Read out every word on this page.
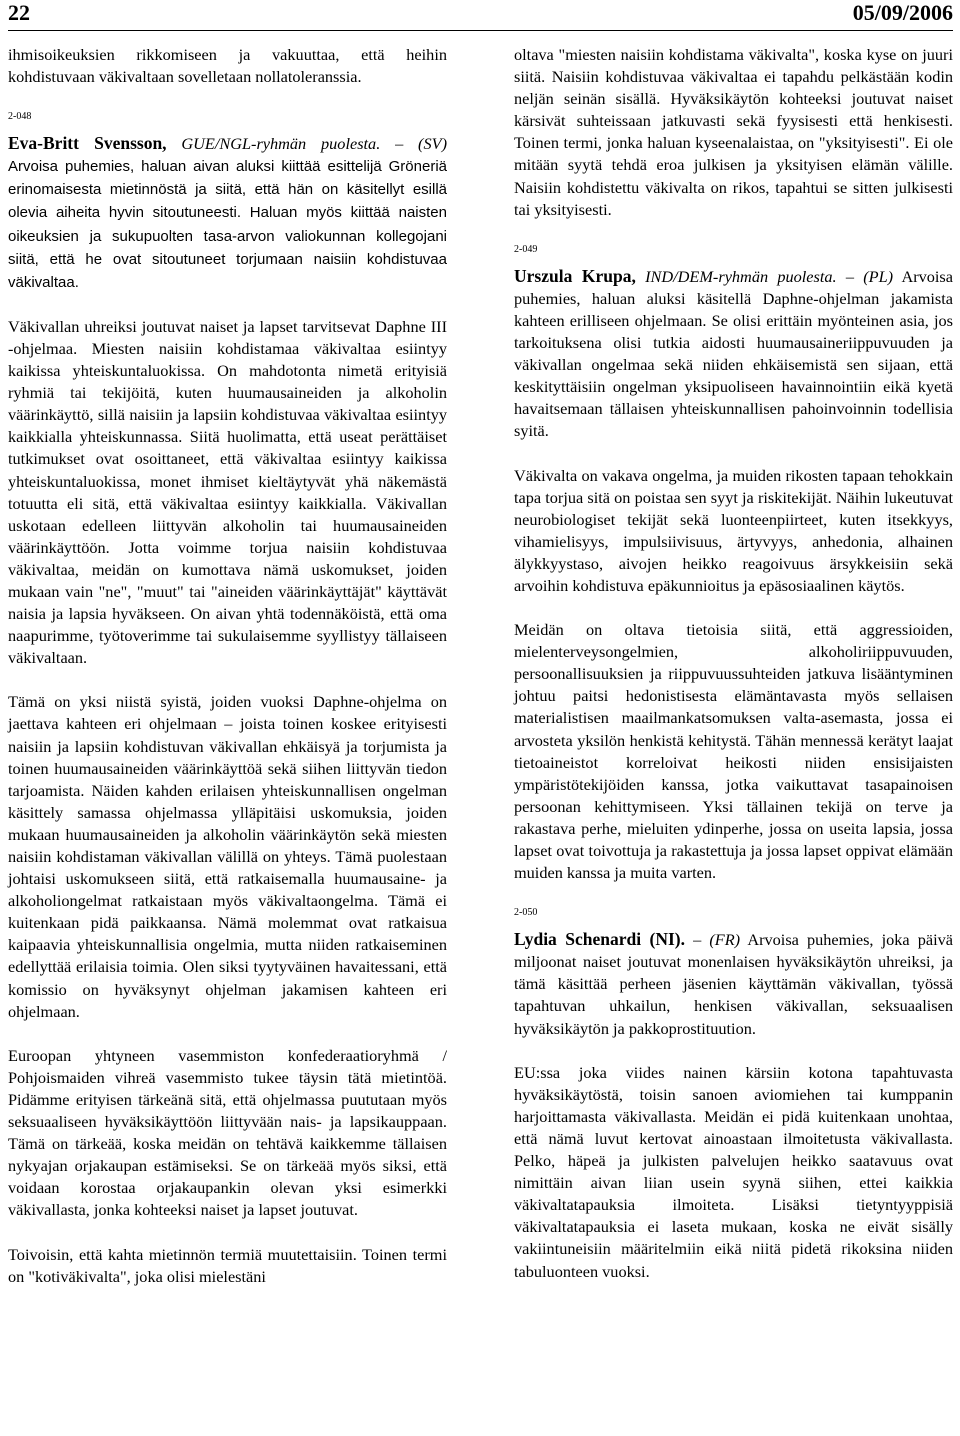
22	05/09/2006

ihmisoikeuksien rikkomiseen ja vakuuttaa, että heihin kohdistuvaan väkivaltaan sovelletaan nollatoleranssia.

2-048

Eva-Britt Svensson, GUE/NGL-ryhmän puolesta. – (SV) Arvoisa puhemies, haluan aivan aluksi kiittää esittelijä Gröneriä erinomaisesta mietinnöstä ja siitä, että hän on käsitellyt esillä olevia aiheita hyvin sitoutuneesti. Haluan myös kiittää naisten oikeuksien ja sukupuolten tasa-arvon valiokunnan kollegojani siitä, että he ovat sitoutuneet torjumaan naisiin kohdistuvaa väkivaltaa.

Väkivallan uhreiksi joutuvat naiset ja lapset tarvitsevat Daphne III -ohjelmaa. Miesten naisiin kohdistamaa väkivaltaa esiintyy kaikissa yhteiskuntaluokissa. On mahdotonta nimetä erityisiä ryhmiä tai tekijöitä, kuten huumausaineiden ja alkoholin väärinkäyttö, sillä naisiin ja lapsiin kohdistuvaa väkivaltaa esiintyy kaikkialla yhteiskunnassa. Siitä huolimatta, että useat perättäiset tutkimukset ovat osoittaneet, että väkivaltaa esiintyy kaikissa yhteiskuntaluokissa, monet ihmiset kieltäytyvät yhä näkemästä totuutta eli sitä, että väkivaltaa esiintyy kaikkialla. Väkivallan uskotaan edelleen liittyvän alkoholin tai huumausaineiden väärinkäyttöön. Jotta voimme torjua naisiin kohdistuvaa väkivaltaa, meidän on kumottava nämä uskomukset, joiden mukaan vain "ne", "muut" tai "aineiden väärinkäyttäjät" käyttävät naisia ja lapsia hyväkseen. On aivan yhtä todennäköistä, että oma naapurimme, työtoverimme tai sukulaisemme syyllistyy tällaiseen väkivaltaan.

Tämä on yksi niistä syistä, joiden vuoksi Daphne-ohjelma on jaettava kahteen eri ohjelmaan – joista toinen koskee erityisesti naisiin ja lapsiin kohdistuvan väkivallan ehkäisyä ja torjumista ja toinen huumausaineiden väärinkäyttöä sekä siihen liittyvän tiedon tarjoamista. Näiden kahden erilaisen yhteiskunnallisen ongelman käsittely samassa ohjelmassa ylläpitäisi uskomuksia, joiden mukaan huumausaineiden ja alkoholin väärinkäytön sekä miesten naisiin kohdistaman väkivallan välillä on yhteys. Tämä puolestaan johtaisi uskomukseen siitä, että ratkaisemalla huumausaine- ja alkoholiongelmat ratkaistaan myös väkivaltaongelma. Tämä ei kuitenkaan pidä paikkaansa. Nämä molemmat ovat ratkaisua kaipaavia yhteiskunnallisia ongelmia, mutta niiden ratkaiseminen edellyttää erilaisia toimia. Olen siksi tyytyväinen havaitessani, että komissio on hyväksynyt ohjelman jakamisen kahteen eri ohjelmaan.

Euroopan yhtyneen vasemmiston konfederaatioryhmä / Pohjoismaiden vihreä vasemmisto tukee täysin tätä mietintöä. Pidämme erityisen tärkeänä sitä, että ohjelmassa puututaan myös seksuaaliseen hyväksikäyttöön liittyvään nais- ja lapsikauppaan. Tämä on tärkeää, koska meidän on tehtävä kaikkemme tällaisen nykyajan orjakaupan estämiseksi. Se on tärkeää myös siksi, että voidaan korostaa orjakaupankin olevan yksi esimerkki väkivallasta, jonka kohteeksi naiset ja lapset joutuvat.

Toivoisin, että kahta mietinnön termiä muutettaisiin. Toinen termi on "kotiväkivalta", joka olisi mielestäni

oltava "miesten naisiin kohdistama väkivalta", koska kyse on juuri siitä. Naisiin kohdistuvaa väkivaltaa ei tapahdu pelkästään kodin neljän seinän sisällä. Hyväksikäytön kohteeksi joutuvat naiset kärsivät suhteissaan jatkuvasti sekä fyysisesti että henkisesti. Toinen termi, jonka haluan kyseenalaistaa, on "yksityisesti". Ei ole mitään syytä tehdä eroa julkisen ja yksityisen elämän välille. Naisiin kohdistettu väkivalta on rikos, tapahtui se sitten julkisesti tai yksityisesti.

2-049

Urszula Krupa, IND/DEM-ryhmän puolesta. – (PL) Arvoisa puhemies, haluan aluksi käsitellä Daphne-ohjelman jakamista kahteen erilliseen ohjelmaan. Se olisi erittäin myönteinen asia, jos tarkoituksena olisi tutkia aidosti huumausaineriippuvuuden ja väkivallan ongelmaa sekä niiden ehkäisemistä sen sijaan, että keskityttäisiin ongelman yksipuoliseen havainnointiin eikä kyetä havaitsemaan tällaisen yhteiskunnallisen pahoinvoinnin todellisia syitä.

Väkivalta on vakava ongelma, ja muiden rikosten tapaan tehokkain tapa torjua sitä on poistaa sen syyt ja riskitekijät. Näihin lukeutuvat neurobiologiset tekijät sekä luonteenpiirteet, kuten itsekkyys, vihamielisyys, impulsiivisuus, ärtyvyys, anhedonia, alhainen älykkyystaso, aivojen heikko reagoivuus ärsykkeisiin sekä arvoihin kohdistuva epäkunnioitus ja epäsosiaalinen käytös.

Meidän on oltava tietoisia siitä, että aggressioiden, mielenterveysongelmien, alkoholiriippuvuuden, persoonallisuuksien ja riippuvuussuhteiden jatkuva lisääntyminen johtuu paitsi hedonistisesta elämäntavasta myös sellaisen materialistisen maailmankatsomuksen valta-asemasta, jossa ei arvosteta yksilön henkistä kehitystä. Tähän mennessä kerätyt laajat tietoaineistot korreloivat heikosti niiden ensisijaisten ympäristötekijöiden kanssa, jotka vaikuttavat tasapainoisen persoonan kehittymiseen. Yksi tällainen tekijä on terve ja rakastava perhe, mieluiten ydinperhe, jossa on useita lapsia, jossa lapset ovat toivottuja ja rakastettuja ja jossa lapset oppivat elämään muiden kanssa ja muita varten.

2-050

Lydia Schenardi (NI). – (FR) Arvoisa puhemies, joka päivä miljoonat naiset joutuvat monenlaisen hyväksikäytön uhreiksi, ja tämä käsittää perheen jäsenien käyttämän väkivallan, työssä tapahtuvan uhkailun, henkisen väkivallan, seksuaalisen hyväksikäytön ja pakkoprostituution.

EU:ssa joka viides nainen kärsiin kotona tapahtuvasta hyväksikäytöstä, toisin sanoen aviomiehen tai kumppanin harjoittamasta väkivallasta. Meidän ei pidä kuitenkaan unohtaa, että nämä luvut kertovat ainoastaan ilmoitetusta väkivallasta. Pelko, häpeä ja julkisten palvelujen heikko saatavuus ovat nimittäin aivan liian usein syynä siihen, ettei kaikkia väkivaltatapauksia ilmoiteta. Lisäksi tietyntyyppisiä väkivaltatapauksia ei laseta mukaan, koska ne eivät sisälly vakiintuneisiin määritelmiin eikä niitä pidetä rikoksina niiden tabuluonteen vuoksi.
